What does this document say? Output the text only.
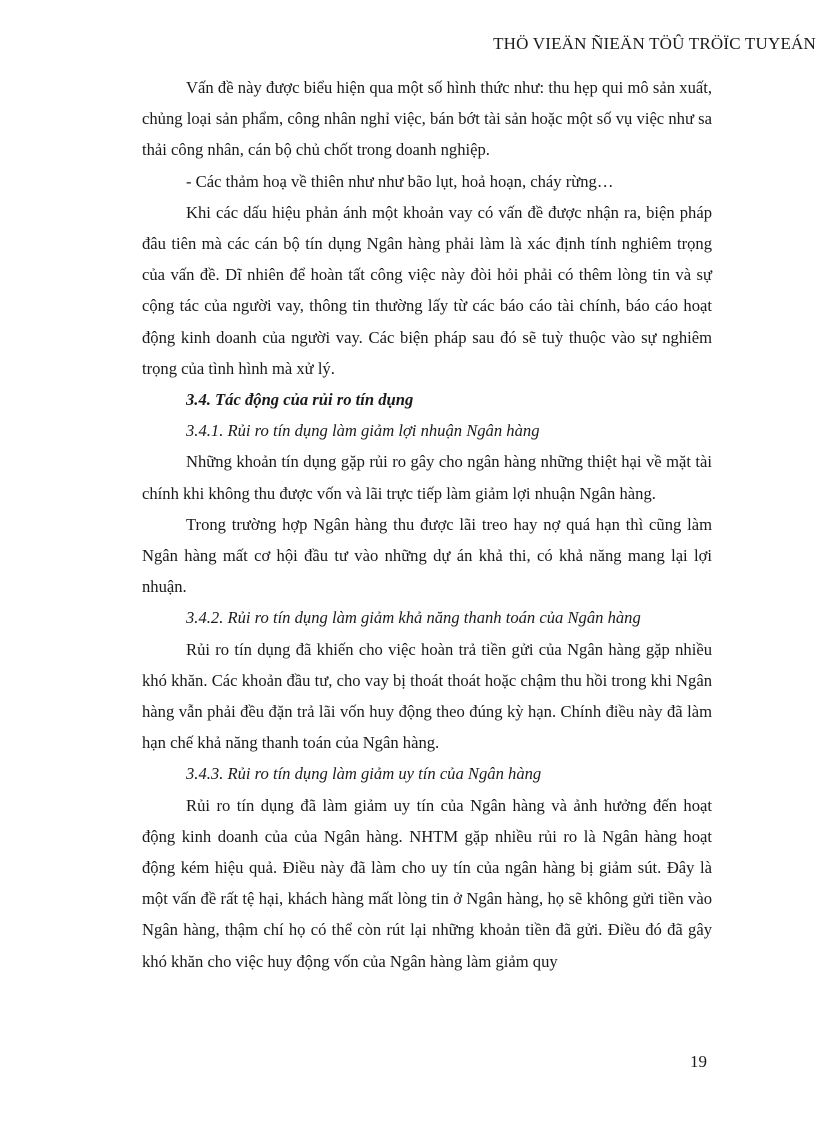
THÖ VIEÄN ÑIEÄN TÖÛ TRÖÏC TUYEÁN

Vấn đề này được biểu hiện qua một số hình thức như: thu hẹp qui mô sản xuất, chủng loại sản phẩm, công nhân nghỉ việc, bán bớt tài sản hoặc một số vụ việc như sa thải công nhân, cán bộ chủ chốt trong doanh nghiệp.

- Các thảm hoạ về thiên như như bão lụt, hoả hoạn, cháy rừng…

Khi các dấu hiệu phản ánh một khoản vay có vấn đề được nhận ra, biện pháp đâu tiên mà các cán bộ tín dụng Ngân hàng phải làm là xác định tính nghiêm trọng của vấn đề. Dĩ nhiên để hoàn tất công việc này đòi hỏi phải có thêm lòng tin và sự cộng tác của người vay, thông tin thường lấy từ các báo cáo tài chính, báo cáo hoạt động kinh doanh của người vay. Các biện pháp sau đó sẽ tuỳ thuộc vào sự nghiêm trọng của tình hình mà xử lý.

3.4. Tác động của rủi ro tín dụng

3.4.1. Rủi ro tín dụng làm giảm lợi nhuận Ngân hàng

Những khoản tín dụng gặp rủi ro gây cho ngân hàng những thiệt hại về mặt tài chính khi không thu được vốn và lãi trực tiếp làm giảm lợi nhuận Ngân hàng.

Trong trường hợp Ngân hàng thu được lãi treo hay nợ quá hạn thì cũng làm Ngân hàng mất cơ hội đầu tư vào những dự án khả thi, có khả năng mang lại lợi nhuận.

3.4.2. Rủi ro tín dụng làm giảm khả năng thanh toán của Ngân hàng

Rủi ro tín dụng đã khiến cho việc hoàn trả tiền gửi của Ngân hàng gặp nhiều khó khăn. Các khoản đầu tư, cho vay bị thoát thoát hoặc chậm thu hồi trong khi Ngân hàng vẫn phải đều đặn trả lãi vốn huy động theo đúng kỳ hạn. Chính điều này đã làm hạn chế khả năng thanh toán của Ngân hàng.

3.4.3. Rủi ro tín dụng làm giảm uy tín của Ngân hàng

Rủi ro tín dụng đã làm giảm uy tín của Ngân hàng và ảnh hưởng đến hoạt động kinh doanh của của Ngân hàng. NHTM gặp nhiều rủi ro là Ngân hàng hoạt động kém hiệu quả. Điều này đã làm cho uy tín của ngân hàng bị giảm sút. Đây là một vấn đề rất tệ hại, khách hàng mất lòng tin ở Ngân hàng, họ sẽ không gửi tiền vào Ngân hàng, thậm chí họ có thể còn rút lại những khoản tiền đã gửi. Điều đó đã gây khó khăn cho việc huy động vốn của Ngân hàng làm giảm quy

19
